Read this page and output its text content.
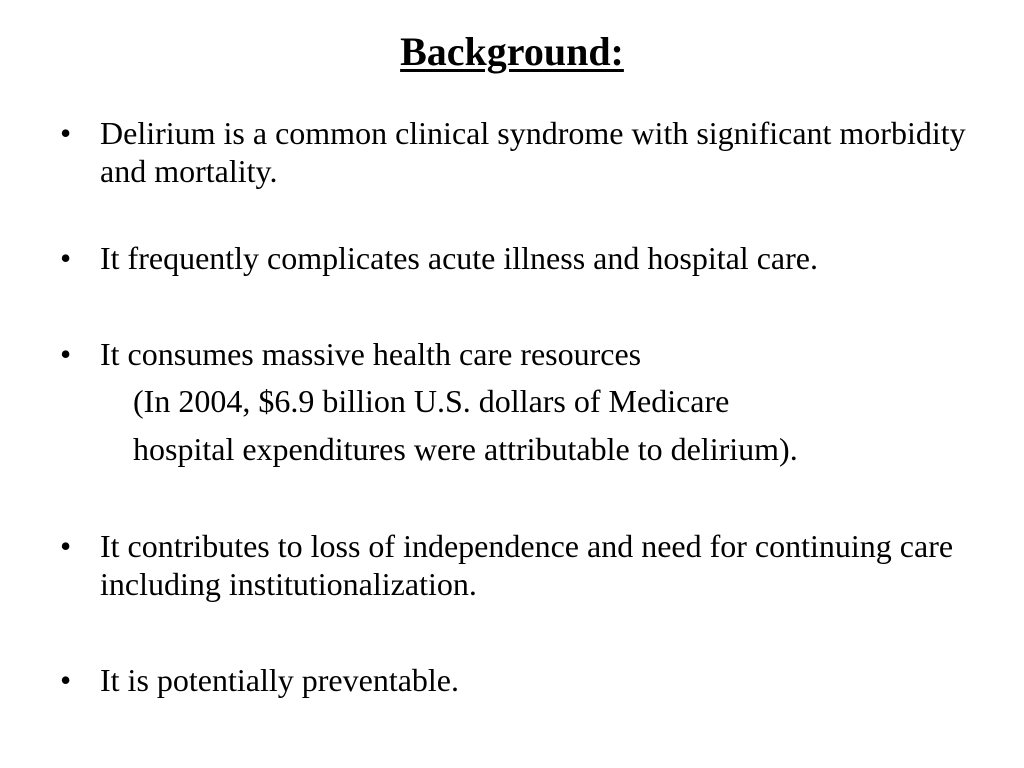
Background:
• Delirium is a common clinical syndrome with significant morbidity and mortality.
• It frequently complicates acute illness and hospital care.
• It consumes massive health care resources
(In 2004, $6.9 billion U.S. dollars of Medicare
hospital expenditures were attributable to delirium).
• It contributes to loss of independence and need for continuing care including institutionalization.
• It is potentially preventable.
